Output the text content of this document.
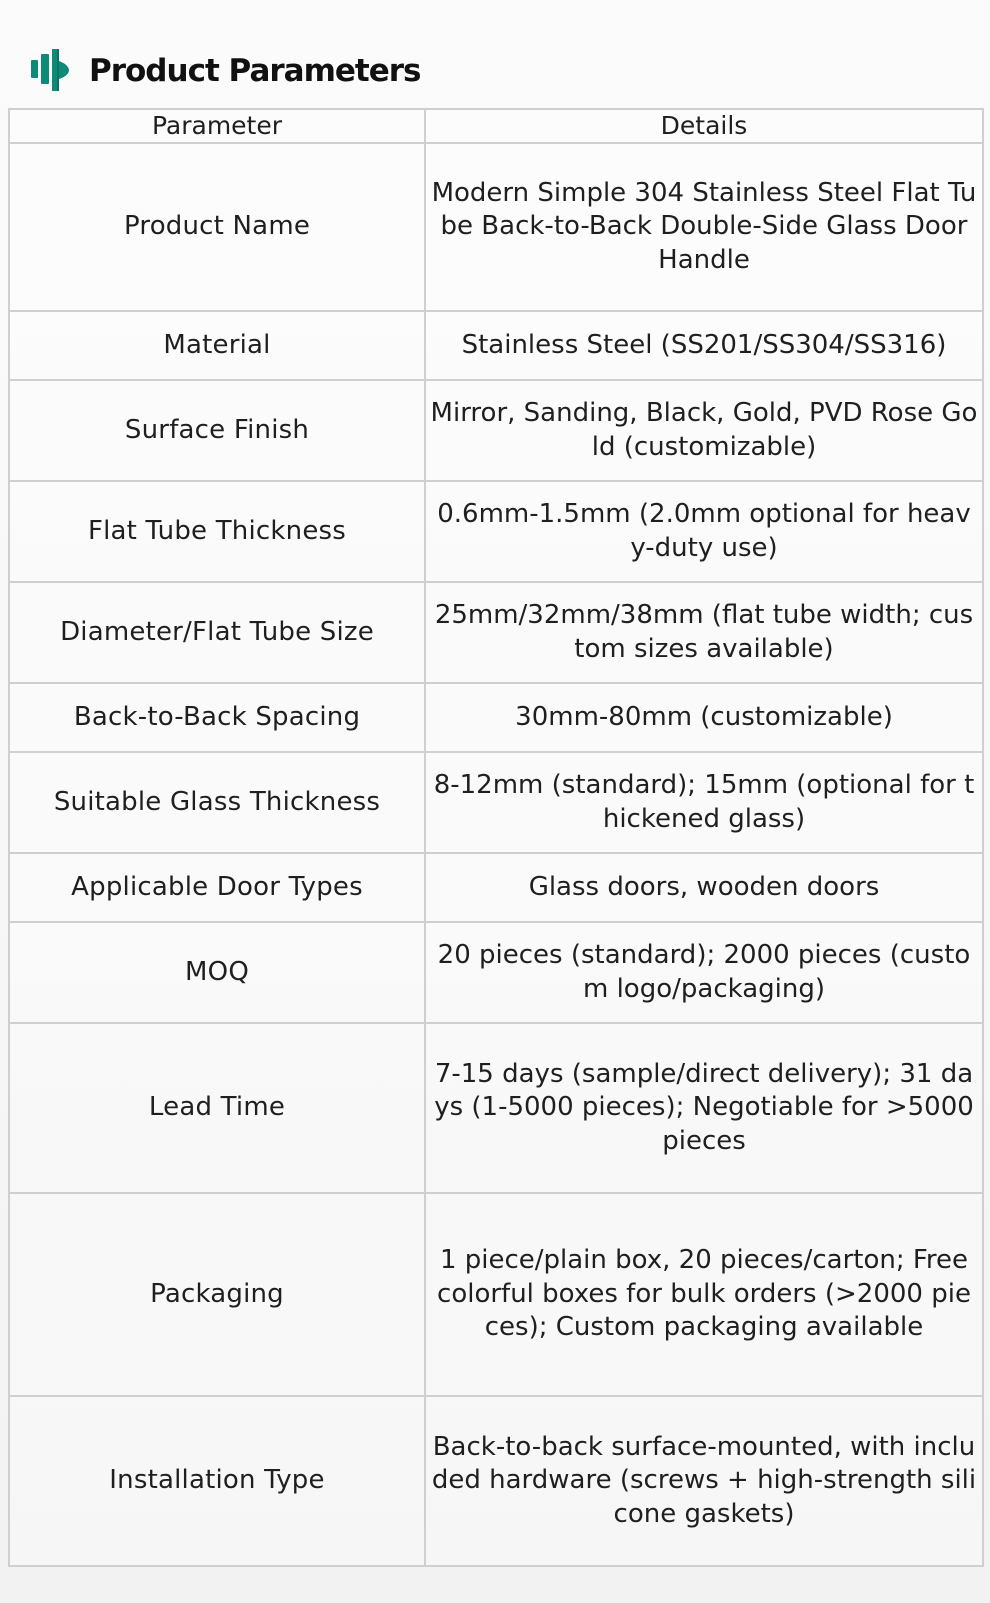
Product Parameters
Parameter	Details
Product Name	Modern Simple 304 Stainless Steel Flat Tube Back-to-Back Double-Side Glass Door Handle
Material	Stainless Steel (SS201/SS304/SS316)
Surface Finish	Mirror, Sanding, Black, Gold, PVD Rose Gold (customizable)
Flat Tube Thickness	0.6mm-1.5mm (2.0mm optional for heavy-duty use)
Diameter/Flat Tube Size	25mm/32mm/38mm (flat tube width; custom sizes available)
Back-to-Back Spacing	30mm-80mm (customizable)
Suitable Glass Thickness	8-12mm (standard); 15mm (optional for thickened glass)
Applicable Door Types	Glass doors, wooden doors
MOQ	20 pieces (standard); 2000 pieces (custom logo/packaging)
Lead Time	7-15 days (sample/direct delivery); 31 days (1-5000 pieces); Negotiable for >5000 pieces
Packaging	1 piece/plain box, 20 pieces/carton; Free colorful boxes for bulk orders (>2000 pieces); Custom packaging available
Installation Type	Back-to-back surface-mounted, with included hardware (screws + high-strength silicone gaskets)
